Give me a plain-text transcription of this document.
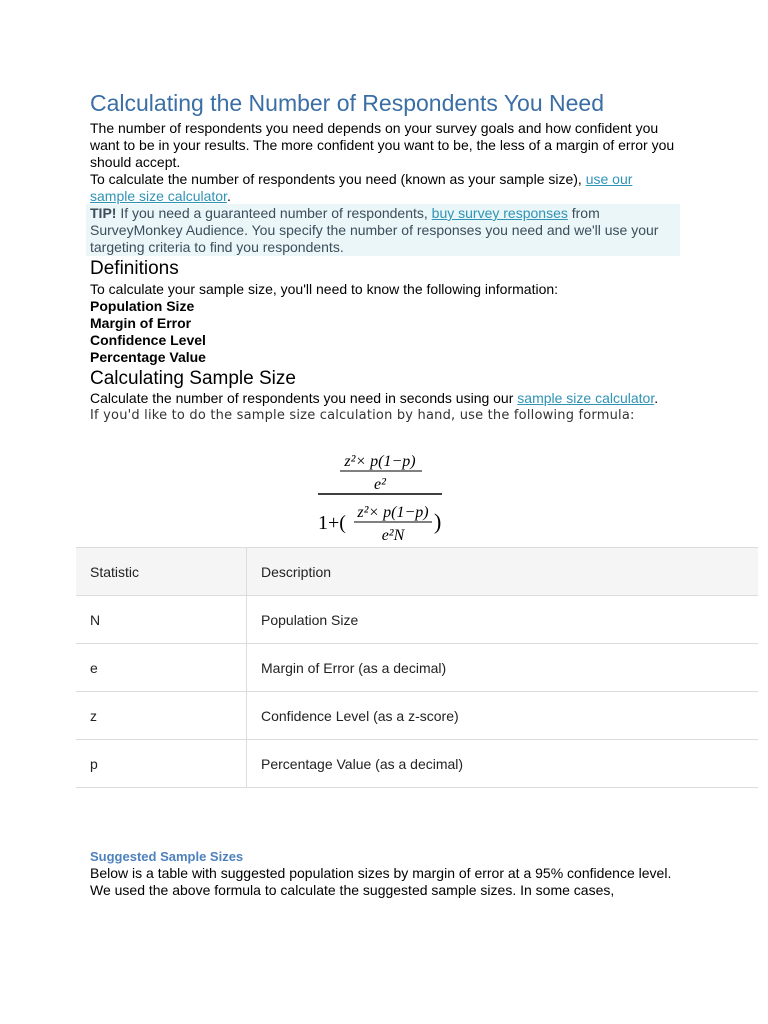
Calculating the Number of Respondents You Need

The number of respondents you need depends on your survey goals and how confident you want to be in your results. The more confident you want to be, the less of a margin of error you should accept.

To calculate the number of respondents you need (known as your sample size), use our sample size calculator.

TIP! If you need a guaranteed number of respondents, buy survey responses from SurveyMonkey Audience. You specify the number of responses you need and we'll use your targeting criteria to find you respondents.
Definitions

To calculate your sample size, you'll need to know the following information:

Population Size

Margin of Error

Confidence Level

Percentage Value

Calculating Sample Size

Calculate the number of respondents you need in seconds using our sample size calculator.

If you'd like to do the sample size calculation by hand, use the following formula:

z²× p(1−p)
e²
1+( z²× p(1−p)
e²N
)
Statistic	Description
N	Population Size
e	Margin of Error (as a decimal)
z	Confidence Level (as a z-score)
p	Percentage Value (as a decimal)
Suggested Sample Sizes

Below is a table with suggested population sizes by margin of error at a 95% confidence level. We used the above formula to calculate the suggested sample sizes. In some cases,
